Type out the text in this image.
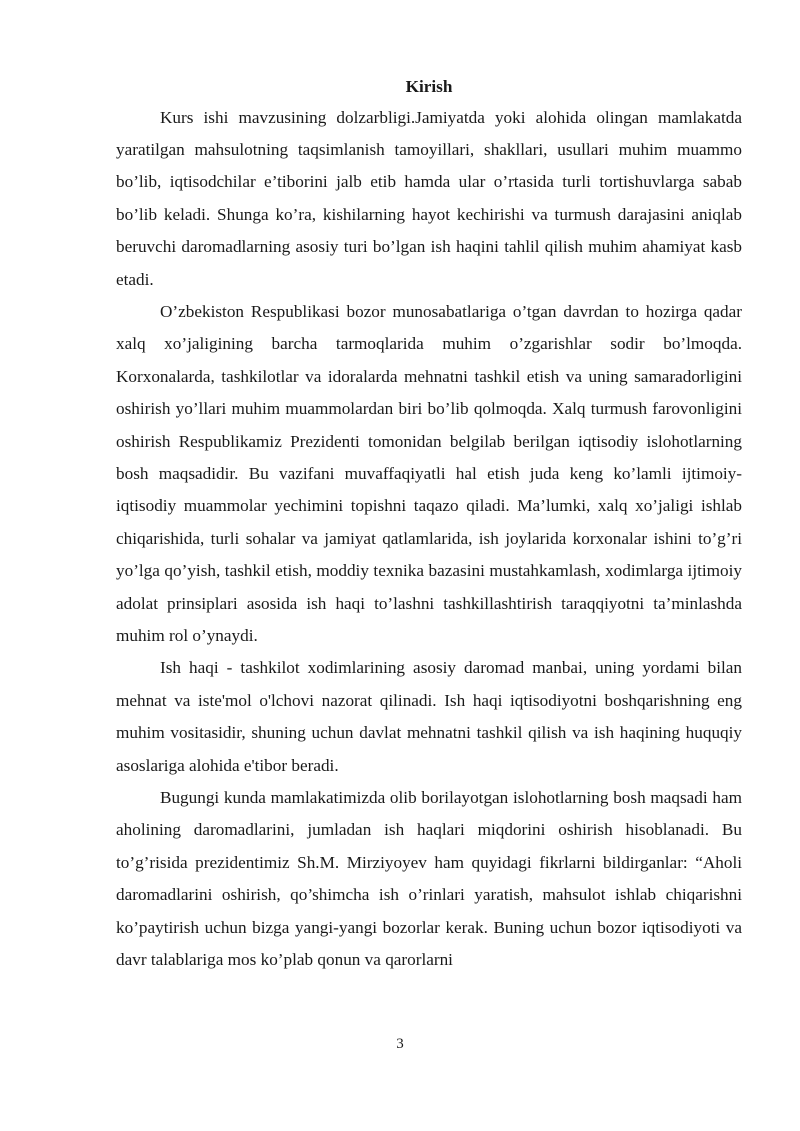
Kirish

Kurs ishi mavzusining dolzarbligi.Jamiyatda yoki alohida olingan mamlakatda yaratilgan mahsulotning taqsimlanish tamoyillari, shakllari, usullari muhim muammo bo’lib, iqtisodchilar e’tiborini jalb etib hamda ular o’rtasida turli tortishuvlarga sabab bo’lib keladi. Shunga ko’ra, kishilarning hayot kechirishi va turmush darajasini aniqlab beruvchi daromadlarning asosiy turi bo’lgan ish haqini tahlil qilish muhim ahamiyat kasb etadi.

O’zbekiston Respublikasi bozor munosabatlariga o’tgan davrdan to hozirga qadar xalq xo’jaligining barcha tarmoqlarida muhim o’zgarishlar sodir bo’lmoqda. Korxonalarda, tashkilotlar va idoralarda mehnatni tashkil etish va uning samaradorligini oshirish yo’llari muhim muammolardan biri bo’lib qolmoqda. Xalq turmush farovonligini oshirish Respublikamiz Prezidenti tomonidan belgilab berilgan iqtisodiy islohotlarning bosh maqsadidir. Bu vazifani muvaffaqiyatli hal etish juda keng ko’lamli ijtimoiy-iqtisodiy muammolar yechimini topishni taqazo qiladi. Ma’lumki, xalq xo’jaligi ishlab chiqarishida, turli sohalar va jamiyat qatlamlarida, ish joylarida korxonalar ishini to’g’ri yo’lga qo’yish, tashkil etish, moddiy texnika bazasini mustahkamlash, xodimlarga ijtimoiy adolat prinsiplari asosida ish haqi to’lashni tashkillashtirish taraqqiyotni ta’minlashda muhim rol o’ynaydi.

Ish haqi - tashkilot xodimlarining asosiy daromad manbai, uning yordami bilan mehnat va iste'mol o'lchovi nazorat qilinadi. Ish haqi iqtisodiyotni boshqarishning eng muhim vositasidir, shuning uchun davlat mehnatni tashkil qilish va ish haqining huquqiy asoslariga alohida e'tibor beradi.

Bugungi kunda mamlakatimizda olib borilayotgan islohotlarning bosh maqsadi ham aholining daromadlarini, jumladan ish haqlari miqdorini oshirish hisoblanadi. Bu to’g’risida prezidentimiz Sh.M. Mirziyoyev ham quyidagi fikrlarni bildirganlar: “Aholi daromadlarini oshirish, qo’shimcha ish o’rinlari yaratish, mahsulot ishlab chiqarishni ko’paytirish uchun bizga yangi-yangi bozorlar kerak. Buning uchun bozor iqtisodiyoti va davr talablariga mos ko’plab qonun va qarorlarni

3
